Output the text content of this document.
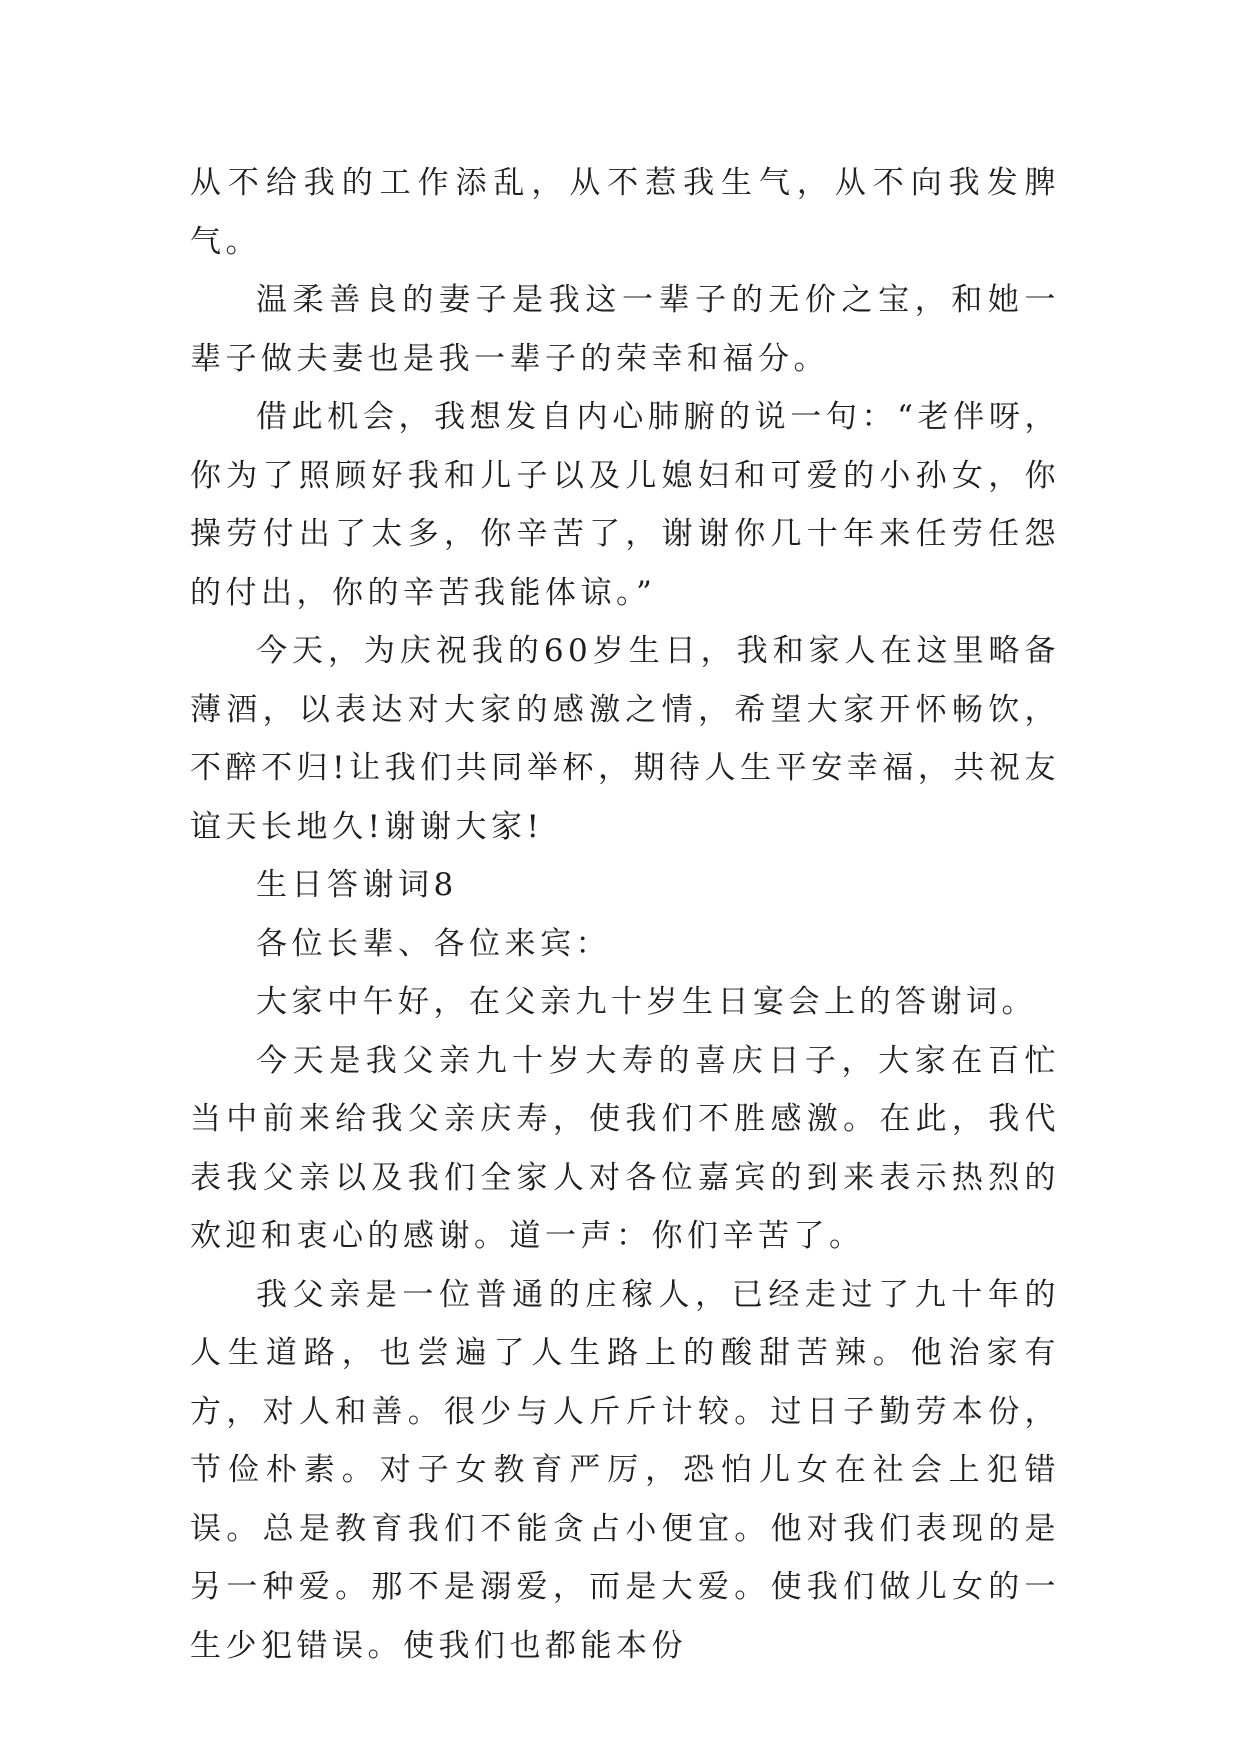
从不给我的工作添乱，从不惹我生气，从不向我发脾气。

温柔善良的妻子是我这一辈子的无价之宝，和她一辈子做夫妻也是我一辈子的荣幸和福分。

借此机会，我想发自内心肺腑的说一句：“老伴呀，你为了照顾好我和儿子以及儿媳妇和可爱的小孙女，你操劳付出了太多，你辛苦了，谢谢你几十年来任劳任怨的付出，你的辛苦我能体谅。”

今天，为庆祝我的60岁生日，我和家人在这里略备薄酒，以表达对大家的感激之情，希望大家开怀畅饮，不醉不归!让我们共同举杯，期待人生平安幸福，共祝友谊天长地久!谢谢大家!

生日答谢词8

各位长辈、各位来宾：

大家中午好，在父亲九十岁生日宴会上的答谢词。

今天是我父亲九十岁大寿的喜庆日子，大家在百忙当中前来给我父亲庆寿，使我们不胜感激。在此，我代表我父亲以及我们全家人对各位嘉宾的到来表示热烈的欢迎和衷心的感谢。道一声：你们辛苦了。

我父亲是一位普通的庄稼人，已经走过了九十年的人生道路，也尝遍了人生路上的酸甜苦辣。他治家有方，对人和善。很少与人斤斤计较。过日子勤劳本份，节俭朴素。对子女教育严厉，恐怕儿女在社会上犯错误。总是教育我们不能贪占小便宜。他对我们表现的是另一种爱。那不是溺爱，而是大爱。使我们做儿女的一生少犯错误。使我们也都能本份
